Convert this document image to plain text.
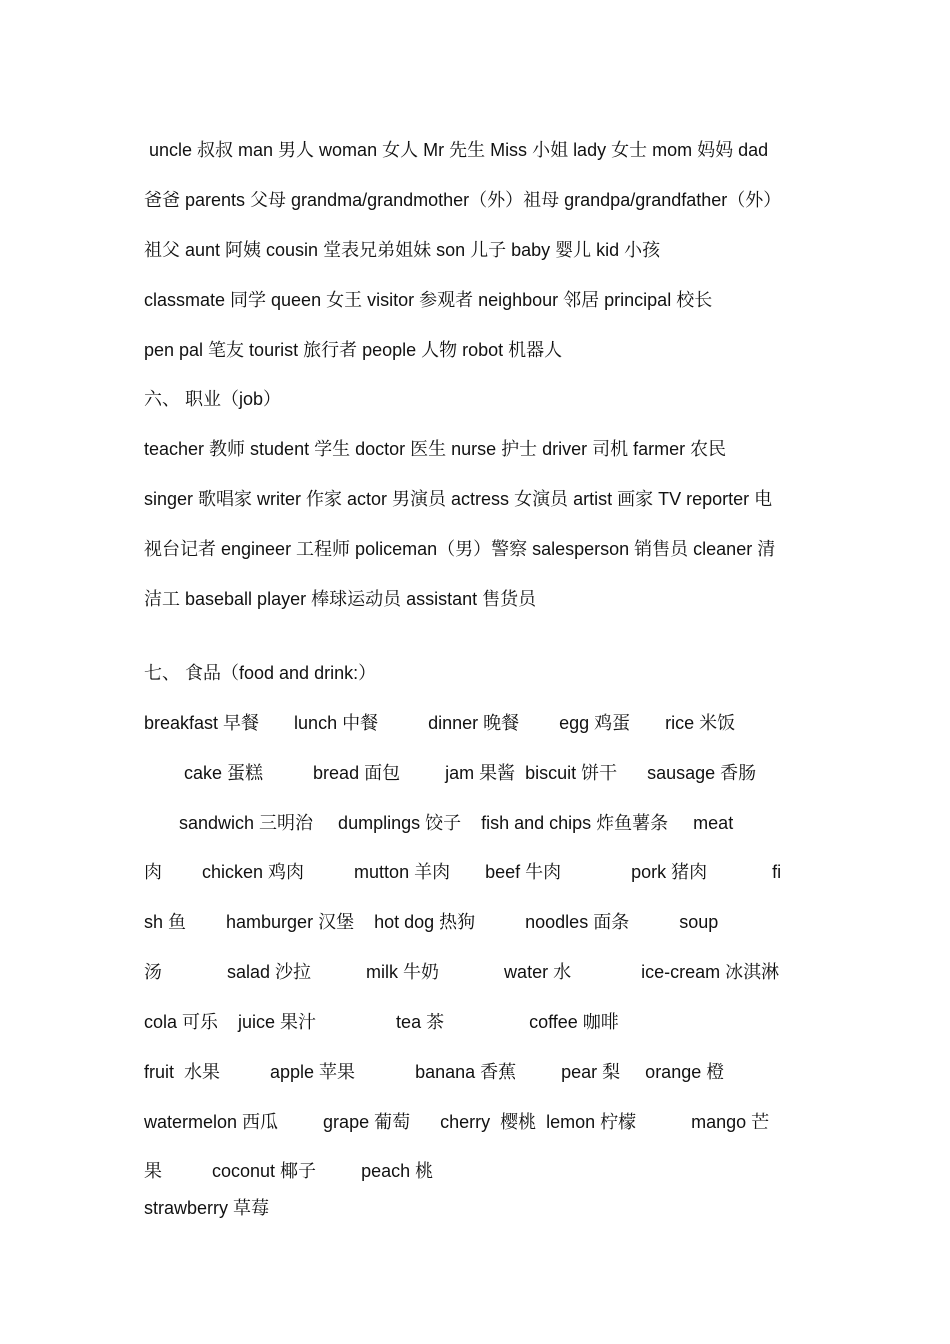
uncle 叔叔 man 男人 woman 女人 Mr 先生 Miss 小姐 lady 女士 mom 妈妈 dad
爸爸 parents 父母 grandma/grandmother（外）祖母 grandpa/grandfather（外）
祖父 aunt 阿姨 cousin 堂表兄弟姐妹 son 儿子 baby 婴儿 kid 小孩
classmate 同学 queen 女王 visitor 参观者 neighbour 邻居 principal 校长
pen pal 笔友 tourist 旅行者 people 人物 robot 机器人
六、 职业（job）
teacher 教师 student 学生 doctor 医生 nurse 护士 driver 司机 farmer 农民
singer 歌唱家 writer 作家 actor 男演员 actress 女演员 artist 画家 TV reporter 电
视台记者 engineer 工程师 policeman（男）警察 salesperson 销售员 cleaner 清
洁工 baseball player 棒球运动员 assistant 售货员
七、 食品（food and drink:）
breakfast 早餐       lunch 中餐          dinner 晚餐        egg 鸡蛋       rice 米饭
cake 蛋糕          bread 面包         jam 果酱  biscuit 饼干      sausage 香肠
sandwich 三明治     dumplings 饺子    fish and chips 炸鱼薯条     meat
肉        chicken 鸡肉          mutton 羊肉       beef 牛肉              pork 猪肉             fi
sh 鱼        hamburger 汉堡    hot dog 热狗          noodles 面条          soup
汤             salad 沙拉           milk 牛奶             water 水              ice-cream 冰淇淋
cola 可乐    juice 果汁                tea 茶                 coffee 咖啡
fruit  水果          apple 苹果            banana 香蕉         pear 梨     orange 橙
watermelon 西瓜         grape 葡萄      cherry  樱桃  lemon 柠檬           mango 芒
果          coconut 椰子         peach 桃
strawberry 草莓
